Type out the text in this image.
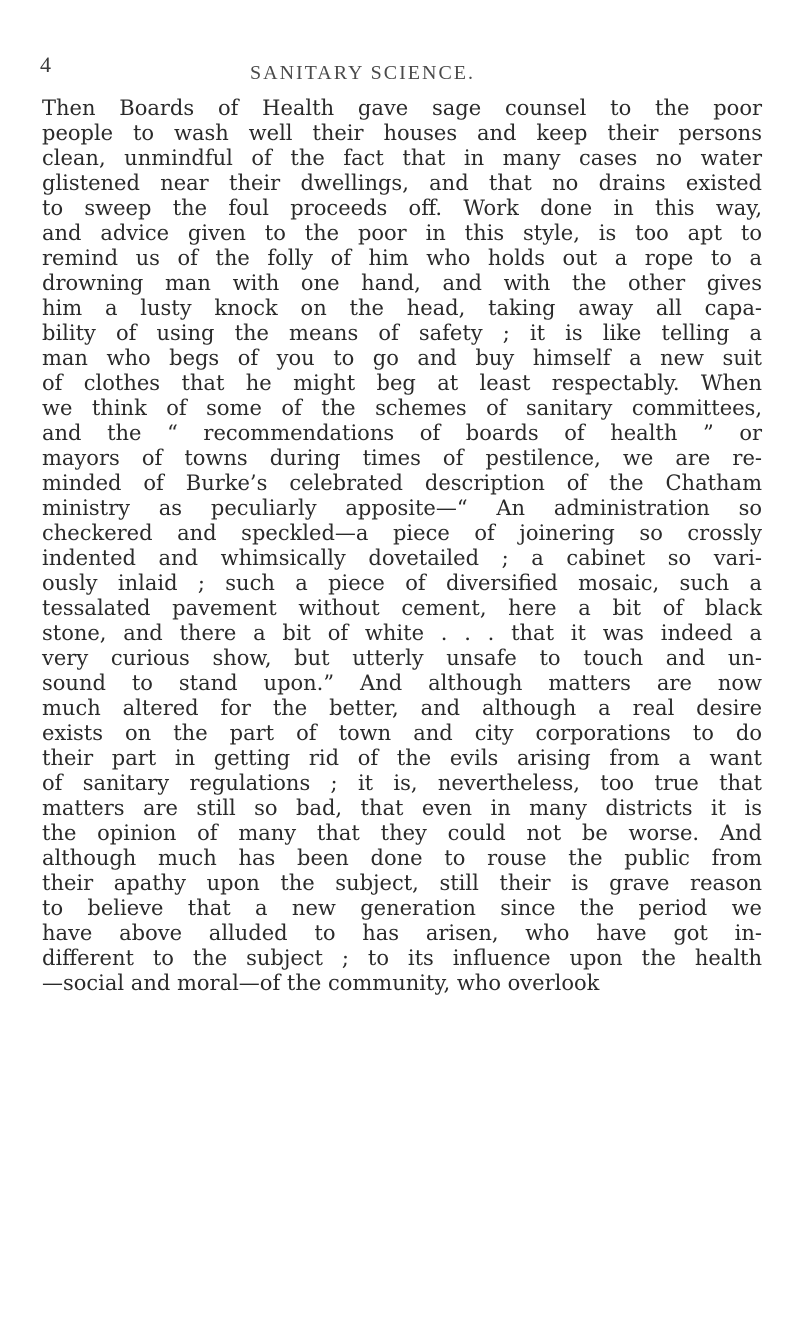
4	SANITARY SCIENCE.
Then Boards of Health gave sage counsel to the poor
people to wash well their houses and keep their persons
clean, unmindful of the fact that in many cases no water
glistened near their dwellings, and that no drains existed
to sweep the foul proceeds off. Work done in this way,
and advice given to the poor in this style, is too apt to
remind us of the folly of him who holds out a rope to a
drowning man with one hand, and with the other gives
him a lusty knock on the head, taking away all capa-
bility of using the means of safety ; it is like telling a
man who begs of you to go and buy himself a new suit
of clothes that he might beg at least respectably. When
we think of some of the schemes of sanitary committees,
and the “ recommendations of boards of health ” or
mayors of towns during times of pestilence, we are re-
minded of Burke’s celebrated description of the Chatham
ministry as peculiarly apposite—“ An administration so
checkered and speckled—a piece of joinering so crossly
indented and whimsically dovetailed ; a cabinet so vari-
ously inlaid ; such a piece of diversified mosaic, such a
tessalated pavement without cement, here a bit of black
stone, and there a bit of white . . . that it was indeed a
very curious show, but utterly unsafe to touch and un-
sound to stand upon.” And although matters are now
much altered for the better, and although a real desire
exists on the part of town and city corporations to do
their part in getting rid of the evils arising from a want
of sanitary regulations ; it is, nevertheless, too true that
matters are still so bad, that even in many districts it is
the opinion of many that they could not be worse. And
although much has been done to rouse the public from
their apathy upon the subject, still their is grave reason
to believe that a new generation since the period we
have above alluded to has arisen, who have got in-
different to the subject ; to its influence upon the health
—social and moral—of the community, who overlook
